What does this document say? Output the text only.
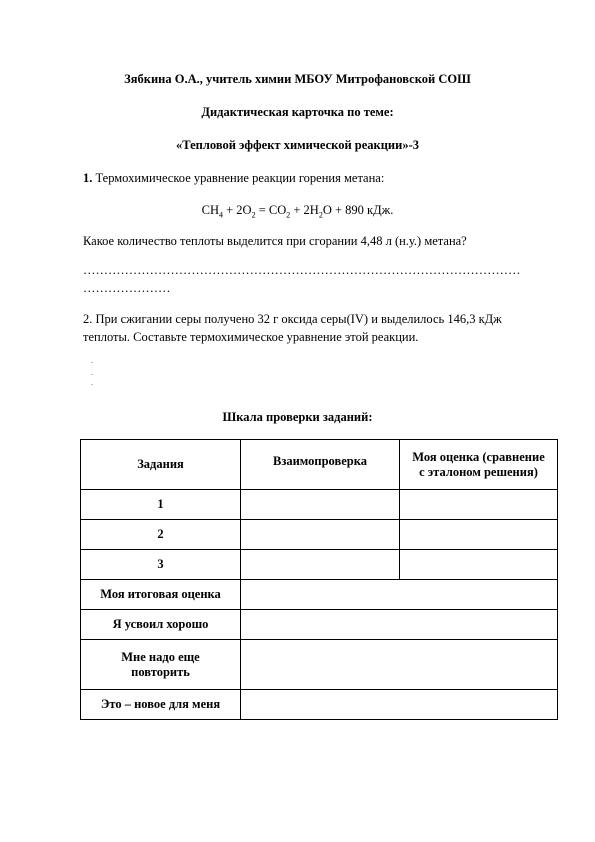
Зябкина О.А., учитель химии МБОУ Митрофановской СОШ
Дидактическая карточка по теме:
«Тепловой эффект химической реакции»-3
1. Термохимическое уравнение реакции горения метана:
$CH_4 + 2O_2 = CO_2 + 2H_2O + 890$ кДж.
Какое количество теплоты выделится при сгорании 4,48 л (н.у.) метана?
……………………………………………………………………………………………
…………………
2. При сжигании серы получено 32 г оксида серы(IV) и выделилось 146,3 кДж
теплоты. Составьте термохимическое уравнение этой реакции.
.
.
.
Шкала проверки заданий:
Задания	Взаимопроверка	Моя оценка (сравнение
с эталоном решения)
1		
2		
3		
Моя итоговая оценка		
Я усвоил хорошо		
Мне надо еще
повторить		
Это – новое для меня		
